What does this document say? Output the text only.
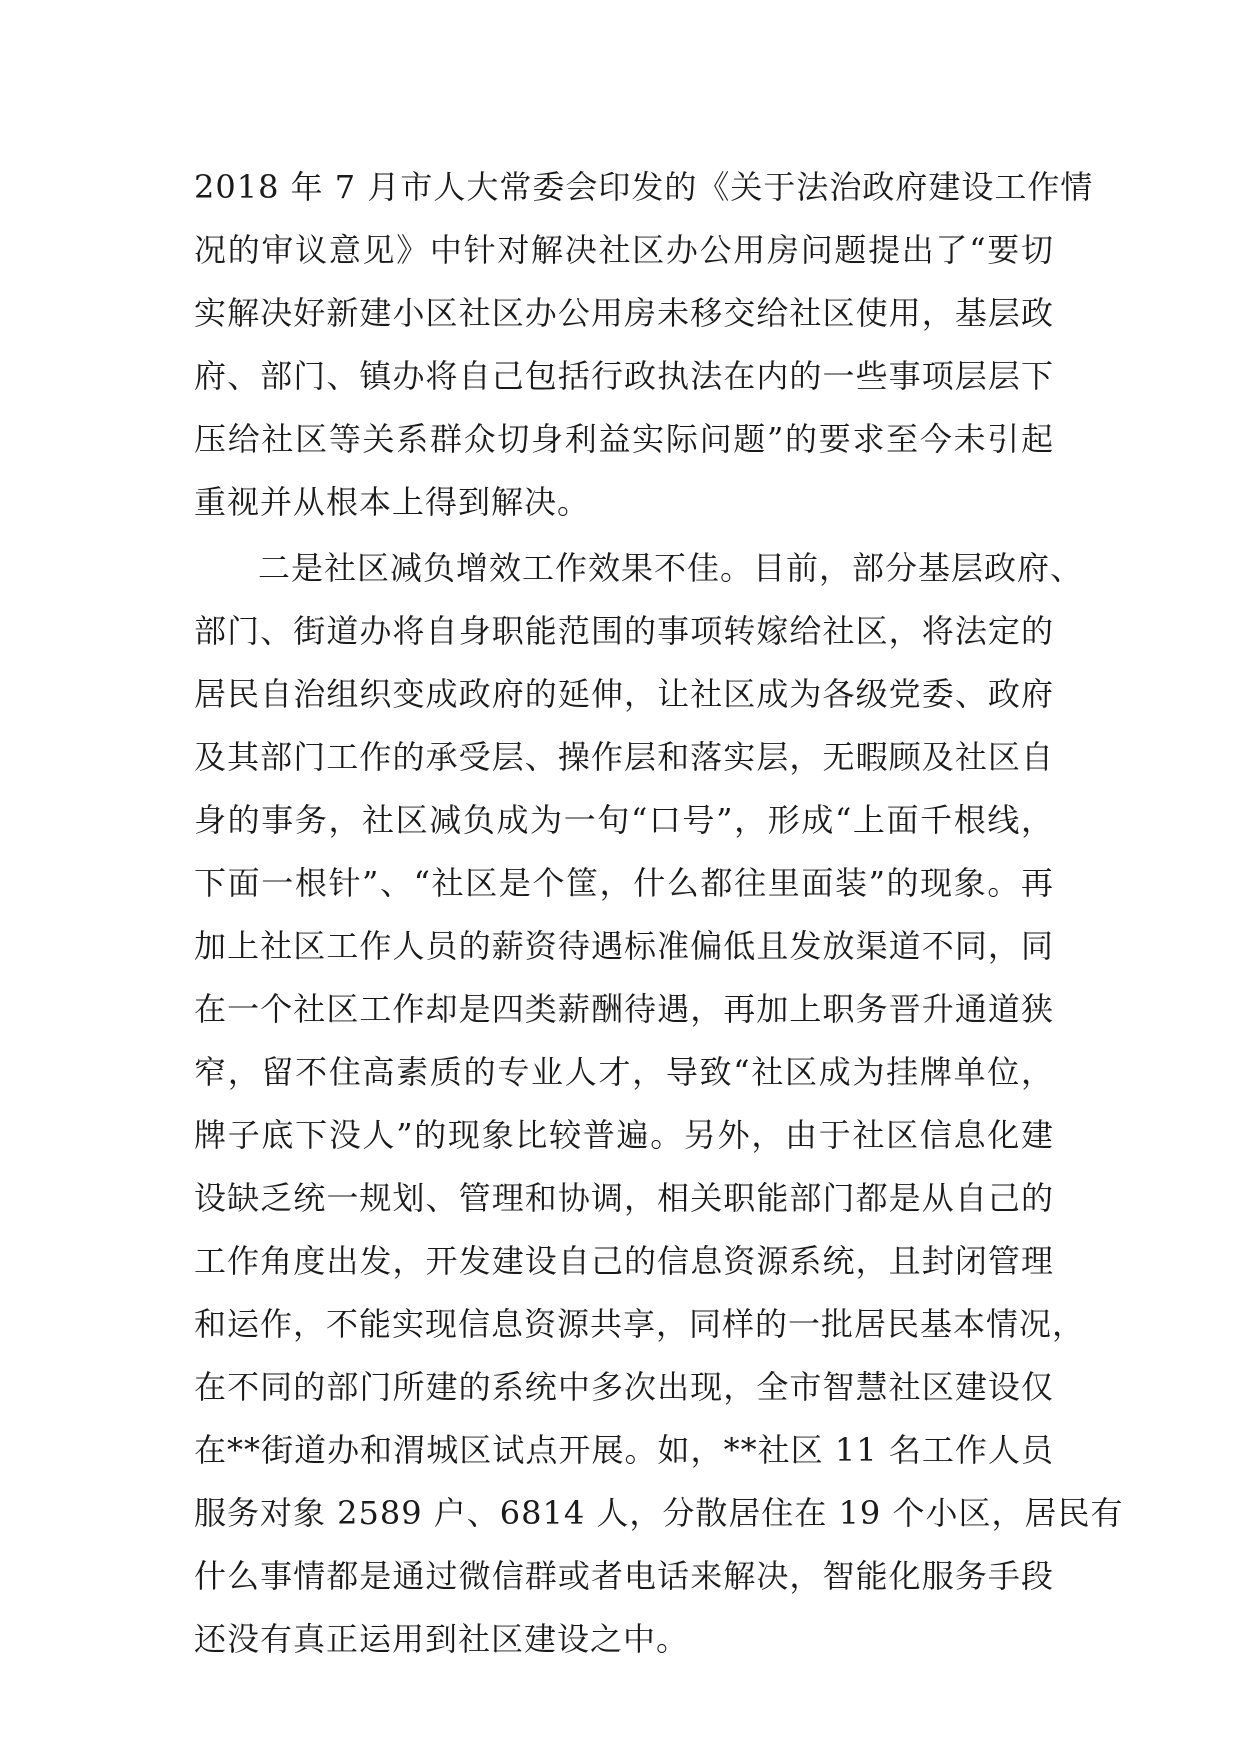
2018 年 7 月市人大常委会印发的《关于法治政府建设工作情
况的审议意见》中针对解决社区办公用房问题提出了“要切
实解决好新建小区社区办公用房未移交给社区使用，基层政
府、部门、镇办将自己包括行政执法在内的一些事项层层下
压给社区等关系群众切身利益实际问题”的要求至今未引起
重视并从根本上得到解决。
二是社区减负增效工作效果不佳。目前，部分基层政府、
部门、街道办将自身职能范围的事项转嫁给社区，将法定的
居民自治组织变成政府的延伸，让社区成为各级党委、政府
及其部门工作的承受层、操作层和落实层，无暇顾及社区自
身的事务，社区减负成为一句“口号”，形成“上面千根线，
下面一根针”、“社区是个筐，什么都往里面装”的现象。再
加上社区工作人员的薪资待遇标准偏低且发放渠道不同，同
在一个社区工作却是四类薪酬待遇，再加上职务晋升通道狭
窄，留不住高素质的专业人才，导致“社区成为挂牌单位，
牌子底下没人”的现象比较普遍。另外，由于社区信息化建
设缺乏统一规划、管理和协调，相关职能部门都是从自己的
工作角度出发，开发建设自己的信息资源系统，且封闭管理
和运作，不能实现信息资源共享，同样的一批居民基本情况，
在不同的部门所建的系统中多次出现，全市智慧社区建设仅
在**街道办和渭城区试点开展。如，**社区 11 名工作人员
服务对象 2589 户、6814 人，分散居住在 19 个小区，居民有
什么事情都是通过微信群或者电话来解决，智能化服务手段
还没有真正运用到社区建设之中。
